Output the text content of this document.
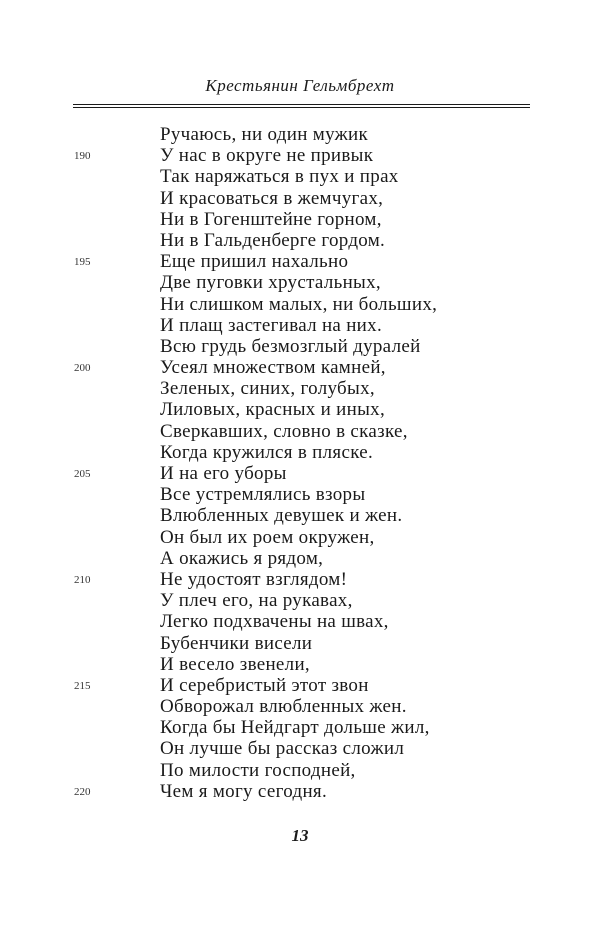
Крестьянин Гельмбрехт
Ручаюсь, ни один мужик
190	У нас в округе не привык
Так наряжаться в пух и прах
И красоваться в жемчугах,
Ни в Гогенштейне горном,
Ни в Гальденберге гордом.
195	Еще пришил нахально
Две пуговки хрустальных,
Ни слишком малых, ни больших,
И плащ застегивал на них.
Всю грудь безмозглый дуралей
200	Усеял множеством камней,
Зеленых, синих, голубых,
Лиловых, красных и иных,
Сверкавших, словно в сказке,
Когда кружился в пляске.
205	И на его уборы
Все устремлялись взоры
Влюбленных девушек и жен.
Он был их роем окружен,
А окажись я рядом,
210	Не удостоят взглядом!
У плеч его, на рукавах,
Легко подхвачены на швах,
Бубенчики висели
И весело звенели,
215	И серебристый этот звон
Обворожал влюбленных жен.
Когда бы Нейдгарт дольше жил,
Он лучше бы рассказ сложил
По милости господней,
220	Чем я могу сегодня.
13
